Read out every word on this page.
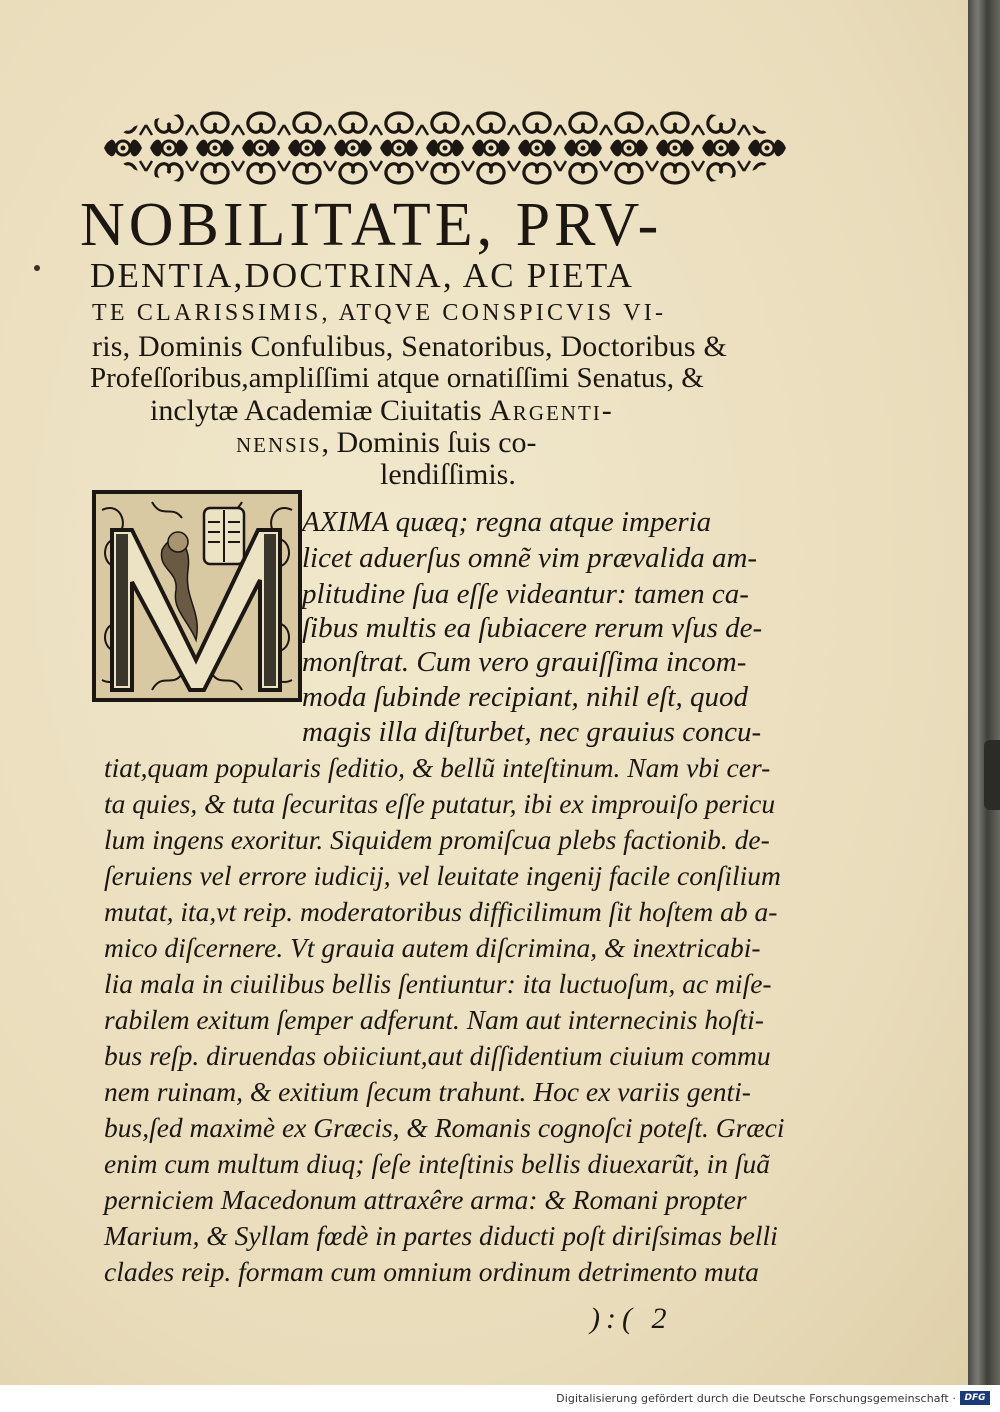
NOBILITATE, PRV-
DENTIA,DOCTRINA, AC PIETA
TE CLARISSIMIS, ATQVE CONSPICVIS VI-
ris, Dominis Confulibus, Senatoribus, Doctoribus &
Profeſſoribus,ampliſſimi atque ornatiſſimi Senatus, &
inclytæ Academiæ Ciuitatis Argenti-
nensis, Dominis ſuis co-
lendiſſimis.
AXIMA quæq; regna atque imperia
licet aduerſus omnẽ vim prævalida am-
plitudine ſua eſſe videantur: tamen ca-
ſibus multis ea ſubiacere rerum vſus de-
monſtrat. Cum vero grauiſſima incom-
moda ſubinde recipiant, nihil eſt, quod
magis illa diſturbet, nec grauius concu-
tiat,quam popularis ſeditio, & bellũ inteſtinum. Nam vbi cer-
ta quies, & tuta ſecuritas eſſe putatur, ibi ex improuiſo pericu
lum ingens exoritur. Siquidem promiſcua plebs factionib. de-
ſeruiens vel errore iudicij, vel leuitate ingenij facile conſilium
mutat, ita,vt reip. moderatoribus difficilimum ſit hoſtem ab a-
mico diſcernere. Vt grauia autem diſcrimina, & inextricabi-
lia mala in ciuilibus bellis ſentiuntur: ita luctuoſum, ac miſe-
rabilem exitum ſemper adferunt. Nam aut internecinis hoſti-
bus reſp. diruendas obiiciunt,aut diſſidentium ciuium commu
nem ruinam, & exitium ſecum trahunt. Hoc ex variis genti-
bus,ſed maximè ex Græcis, & Romanis cognoſci poteſt. Græci
enim cum multum diuq; ſeſe inteſtinis bellis diuexarũt, in ſuã
perniciem Macedonum attraxêre arma: & Romani propter
Marium, & Syllam fœdè in partes diducti poſt diriſsimas belli
clades reip. formam cum omnium ordinum detrimento muta
):( 2
Digitalisierung gefördert durch die Deutsche Forschungsgemeinschaft · DFG
